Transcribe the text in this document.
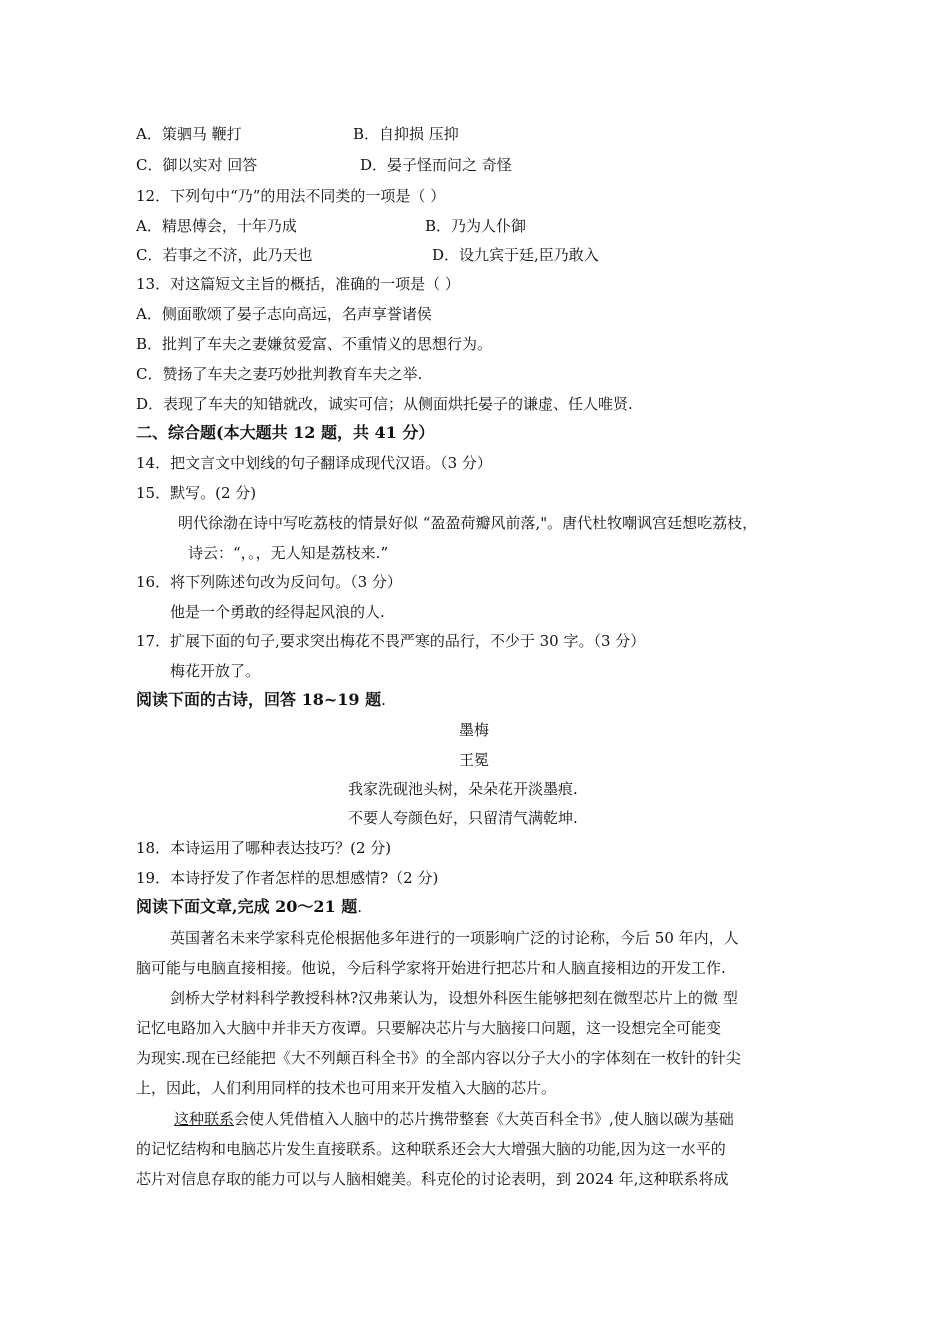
A．策驷马 鞭打	B．自抑损 压抑
C．御以实对 回答	D．晏子怪而问之 奇怪
12．下列句中“乃”的用法不同类的一项是（ ）
A．精思傅会，十年乃成	B．乃为人仆御
C．若事之不济，此乃天也	D．设九宾于廷,臣乃敢入
13．对这篇短文主旨的概括，准确的一项是（ ）
A．侧面歌颂了晏子志向高远，名声享誉诸侯
B．批判了车夫之妻嫌贫爱富、不重情义的思想行为。
C．赞扬了车夫之妻巧妙批判教育车夫之举.
D．表现了车夫的知错就改，诚实可信；从侧面烘托晏子的谦虚、任人唯贤.
二、综合题(本大题共 12 题，共 41 分）
14．把文言文中划线的句子翻译成现代汉语。（3 分）
15．默写。(2 分)
明代徐渤在诗中写吃荔枝的情景好似 “盈盈荷瓣风前落,"。唐代杜牧嘲讽宫廷想吃荔枝，
诗云：“，。，无人知是荔枝来.”
16．将下列陈述句改为反问句。（3 分）
他是一个勇敢的经得起风浪的人.
17．扩展下面的句子,要求突出梅花不畏严寒的品行，不少于 30 字。（3 分）
梅花开放了。
阅读下面的古诗，回答 18~19 题.
墨梅
王冕
我家洗砚池头树，朵朵花开淡墨痕.
不要人夸颜色好，只留清气满乾坤.
18．本诗运用了哪种表达技巧？(2 分)
19．本诗抒发了作者怎样的思想感情?（2 分)
阅读下面文章,完成 20～21 题.
英国著名未来学家科克伦根据他多年进行的一项影响广泛的讨论称，今后 50 年内，人
脑可能与电脑直接相接。他说，今后科学家将开始进行把芯片和人脑直接相边的开发工作.
剑桥大学材料科学教授科林?汉弗莱认为，设想外科医生能够把刻在微型芯片上的微 型
记忆电路加入大脑中并非天方夜谭。只要解决芯片与大脑接口问题，这一设想完全可能变
为现实.现在已经能把《大不列颠百科全书》的全部内容以分子大小的字体刻在一枚针的针尖
上，因此，人们利用同样的技术也可用来开发植入大脑的芯片。
这种联系会使人凭借植入人脑中的芯片携带整套《大英百科全书》,使人脑以碳为基础
的记忆结构和电脑芯片发生直接联系。这种联系还会大大增强大脑的功能,因为这一水平的
芯片对信息存取的能力可以与人脑相媲美。科克伦的讨论表明，到 2024 年,这种联系将成
